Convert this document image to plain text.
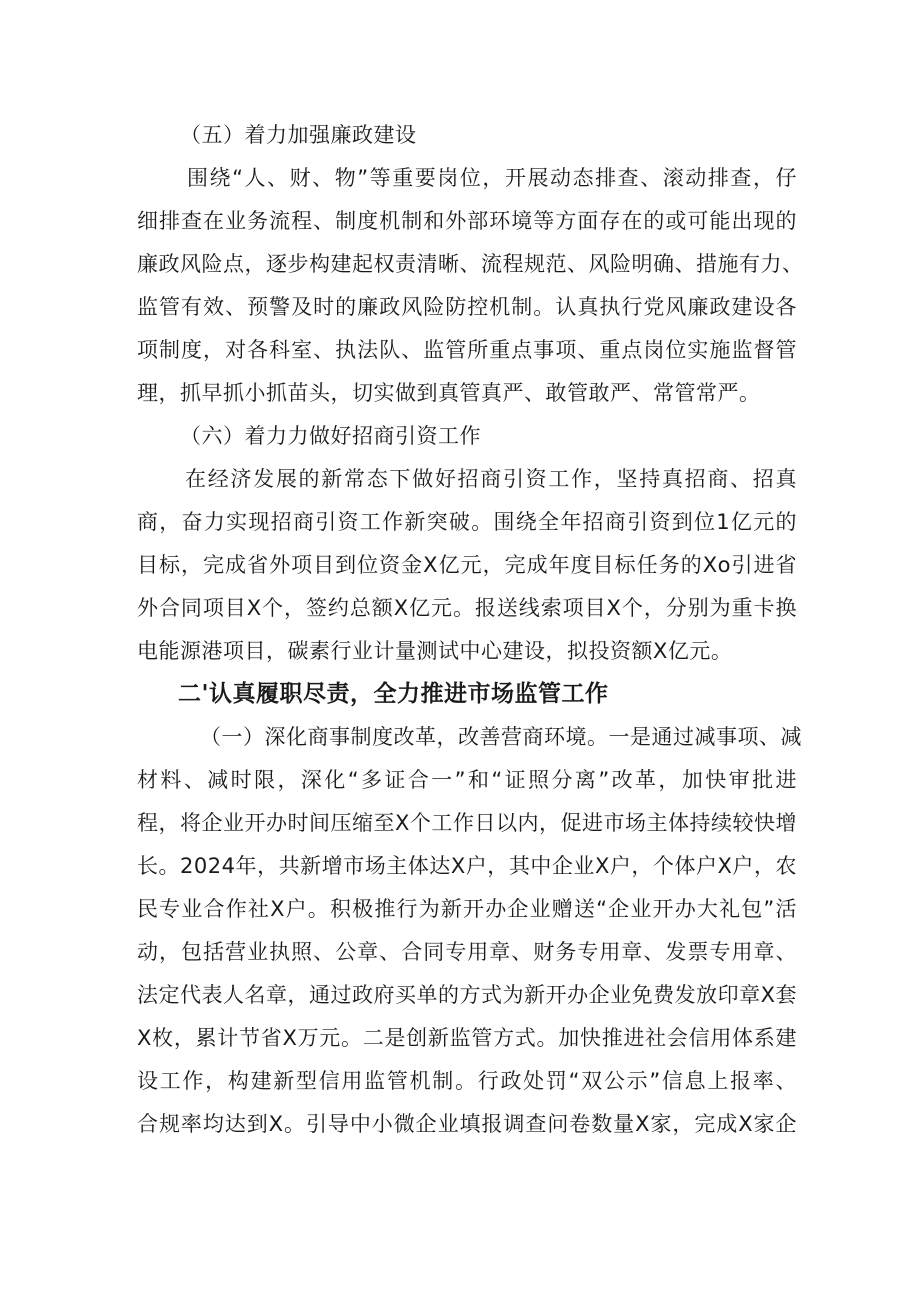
（五）着力加强廉政建设
围绕“人、财、物”等重要岗位，开展动态排查、滚动排查，仔
细排查在业务流程、制度机制和外部环境等方面存在的或可能出现的
廉政风险点，逐步构建起权责清晰、流程规范、风险明确、措施有力、
监管有效、预警及时的廉政风险防控机制。认真执行党风廉政建设各
项制度，对各科室、执法队、监管所重点事项、重点岗位实施监督管
理，抓早抓小抓苗头，切实做到真管真严、敢管敢严、常管常严。
（六）着力力做好招商引资工作
在经济发展的新常态下做好招商引资工作，坚持真招商、招真
商，奋力实现招商引资工作新突破。围绕全年招商引资到位1亿元的
目标，完成省外项目到位资金X亿元，完成年度目标任务的Xo引进省
外合同项目X个，签约总额X亿元。报送线索项目X个，分别为重卡换
电能源港项目，碳素行业计量测试中心建设，拟投资额X亿元。
二'认真履职尽责，全力推进市场监管工作
（一）深化商事制度改革，改善营商环境。一是通过减事项、减
材料、减时限，深化“多证合一”和“证照分离”改革，加快审批进
程，将企业开办时间压缩至X个工作日以内，促进市场主体持续较快增
长。2024年，共新增市场主体达X户，其中企业X户，个体户X户，农
民专业合作社X户。积极推行为新开办企业赠送“企业开办大礼包”活
动，包括营业执照、公章、合同专用章、财务专用章、发票专用章、
法定代表人名章，通过政府买单的方式为新开办企业免费发放印章X套
X枚，累计节省X万元。二是创新监管方式。加快推进社会信用体系建
设工作，构建新型信用监管机制。行政处罚“双公示”信息上报率、
合规率均达到X。引导中小微企业填报调查问卷数量X家，完成X家企
